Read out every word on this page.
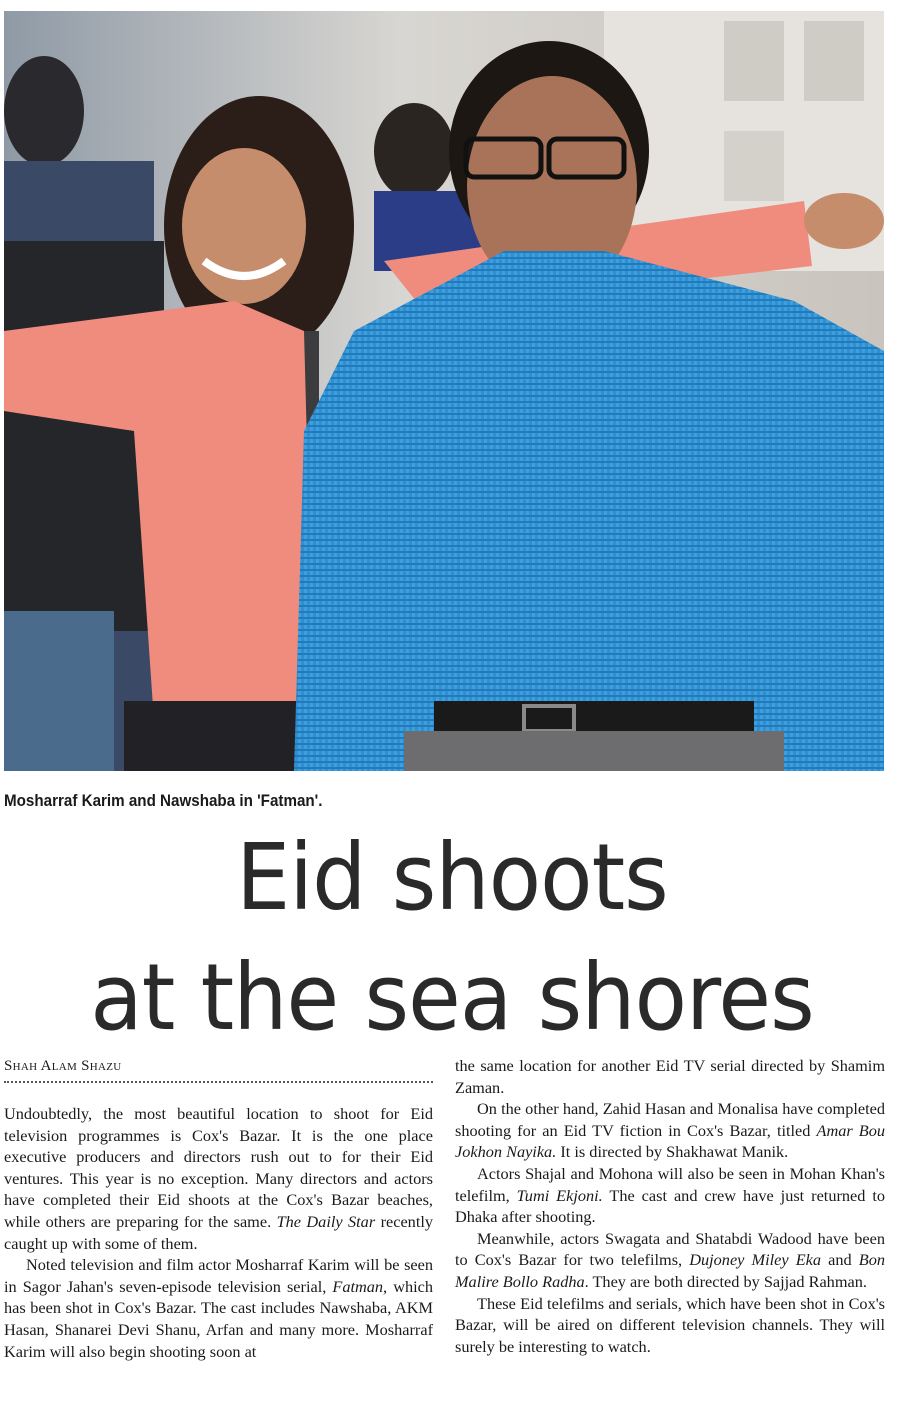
Mosharraf Karim and Nawshaba in 'Fatman'.
Eid shoots
at the sea shores
Shah Alam Shazu

Undoubtedly, the most beautiful location to shoot for Eid television programmes is Cox's Bazar. It is the one place executive producers and directors rush out to for their Eid ventures. This year is no exception. Many directors and actors have completed their Eid shoots at the Cox's Bazar beaches, while others are preparing for the same. The Daily Star recently caught up with some of them.

Noted television and film actor Mosharraf Karim will be seen in Sagor Jahan's seven-episode television serial, Fatman, which has been shot in Cox's Bazar. The cast includes Nawshaba, AKM Hasan, Shanarei Devi Shanu, Arfan and many more. Mosharraf Karim will also begin shooting soon at

the same location for another Eid TV serial directed by Shamim Zaman.

On the other hand, Zahid Hasan and Monalisa have completed shooting for an Eid TV fiction in Cox's Bazar, titled Amar Bou Jokhon Nayika. It is directed by Shakhawat Manik.

Actors Shajal and Mohona will also be seen in Mohan Khan's telefilm, Tumi Ekjoni. The cast and crew have just returned to Dhaka after shooting.

Meanwhile, actors Swagata and Shatabdi Wadood have been to Cox's Bazar for two telefilms, Dujoney Miley Eka and Bon Malire Bollo Radha. They are both directed by Sajjad Rahman.

These Eid telefilms and serials, which have been shot in Cox's Bazar, will be aired on different television channels. They will surely be interesting to watch.
